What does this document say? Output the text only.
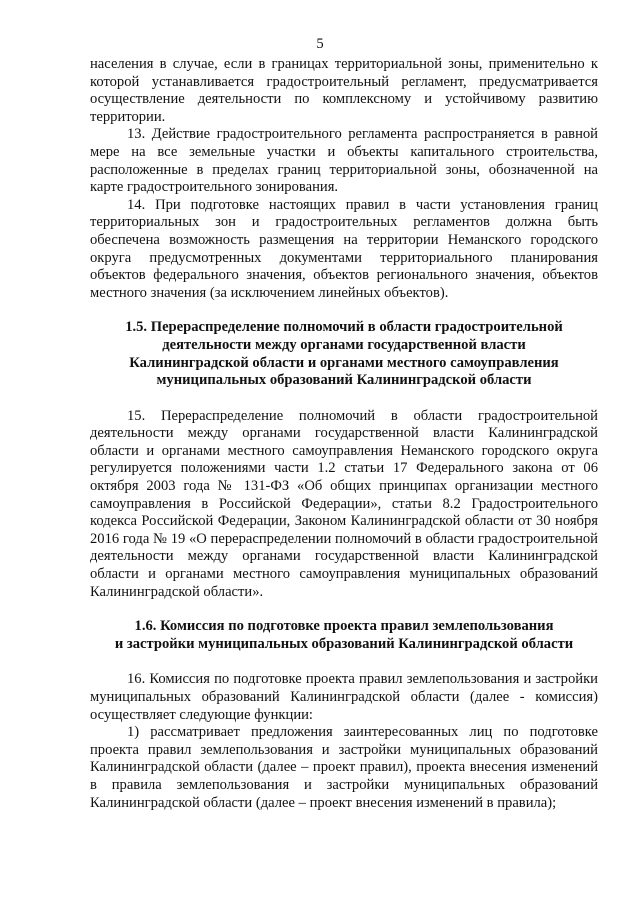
5

населения в случае, если в границах территориальной зоны, применительно к которой устанавливается градостроительный регламент, предусматривается осуществление деятельности по комплексному и устойчивому развитию территории.

13. Действие градостроительного регламента распространяется в равной мере на все земельные участки и объекты капитального строительства, расположенные в пределах границ территориальной зоны, обозначенной на карте градостроительного зонирования.

14. При подготовке настоящих правил в части установления границ территориальных зон и градостроительных регламентов должна быть обеспечена возможность размещения на территории Неманского городского округа предусмотренных документами территориального планирования объектов федерального значения, объектов регионального значения, объектов местного значения (за исключением линейных объектов).

1.5. Перераспределение полномочий в области градостроительной
деятельности между органами государственной власти
Калининградской области и органами местного самоуправления
муниципальных образований Калининградской области

15. Перераспределение полномочий в области градостроительной деятельности между органами государственной власти Калининградской области и органами местного самоуправления Неманского городского округа регулируется положениями части 1.2 статьи 17 Федерального закона от 06 октября 2003 года № 131-ФЗ «Об общих принципах организации местного самоуправления в Российской Федерации», статьи 8.2 Градостроительного кодекса Российской Федерации, Законом Калининградской области от 30 ноября 2016 года № 19 «О перераспределении полномочий в области градостроительной деятельности между органами государственной власти Калининградской области и органами местного самоуправления муниципальных образований Калининградской области».

1.6. Комиссия по подготовке проекта правил землепользования
и застройки муниципальных образований Калининградской области

16. Комиссия по подготовке проекта правил землепользования и застройки муниципальных образований Калининградской области (далее - комиссия) осуществляет следующие функции:

1) рассматривает предложения заинтересованных лиц по подготовке проекта правил землепользования и застройки муниципальных образований Калининградской области (далее – проект правил), проекта внесения изменений в правила землепользования и застройки муниципальных образований Калининградской области (далее – проект внесения изменений в правила);
